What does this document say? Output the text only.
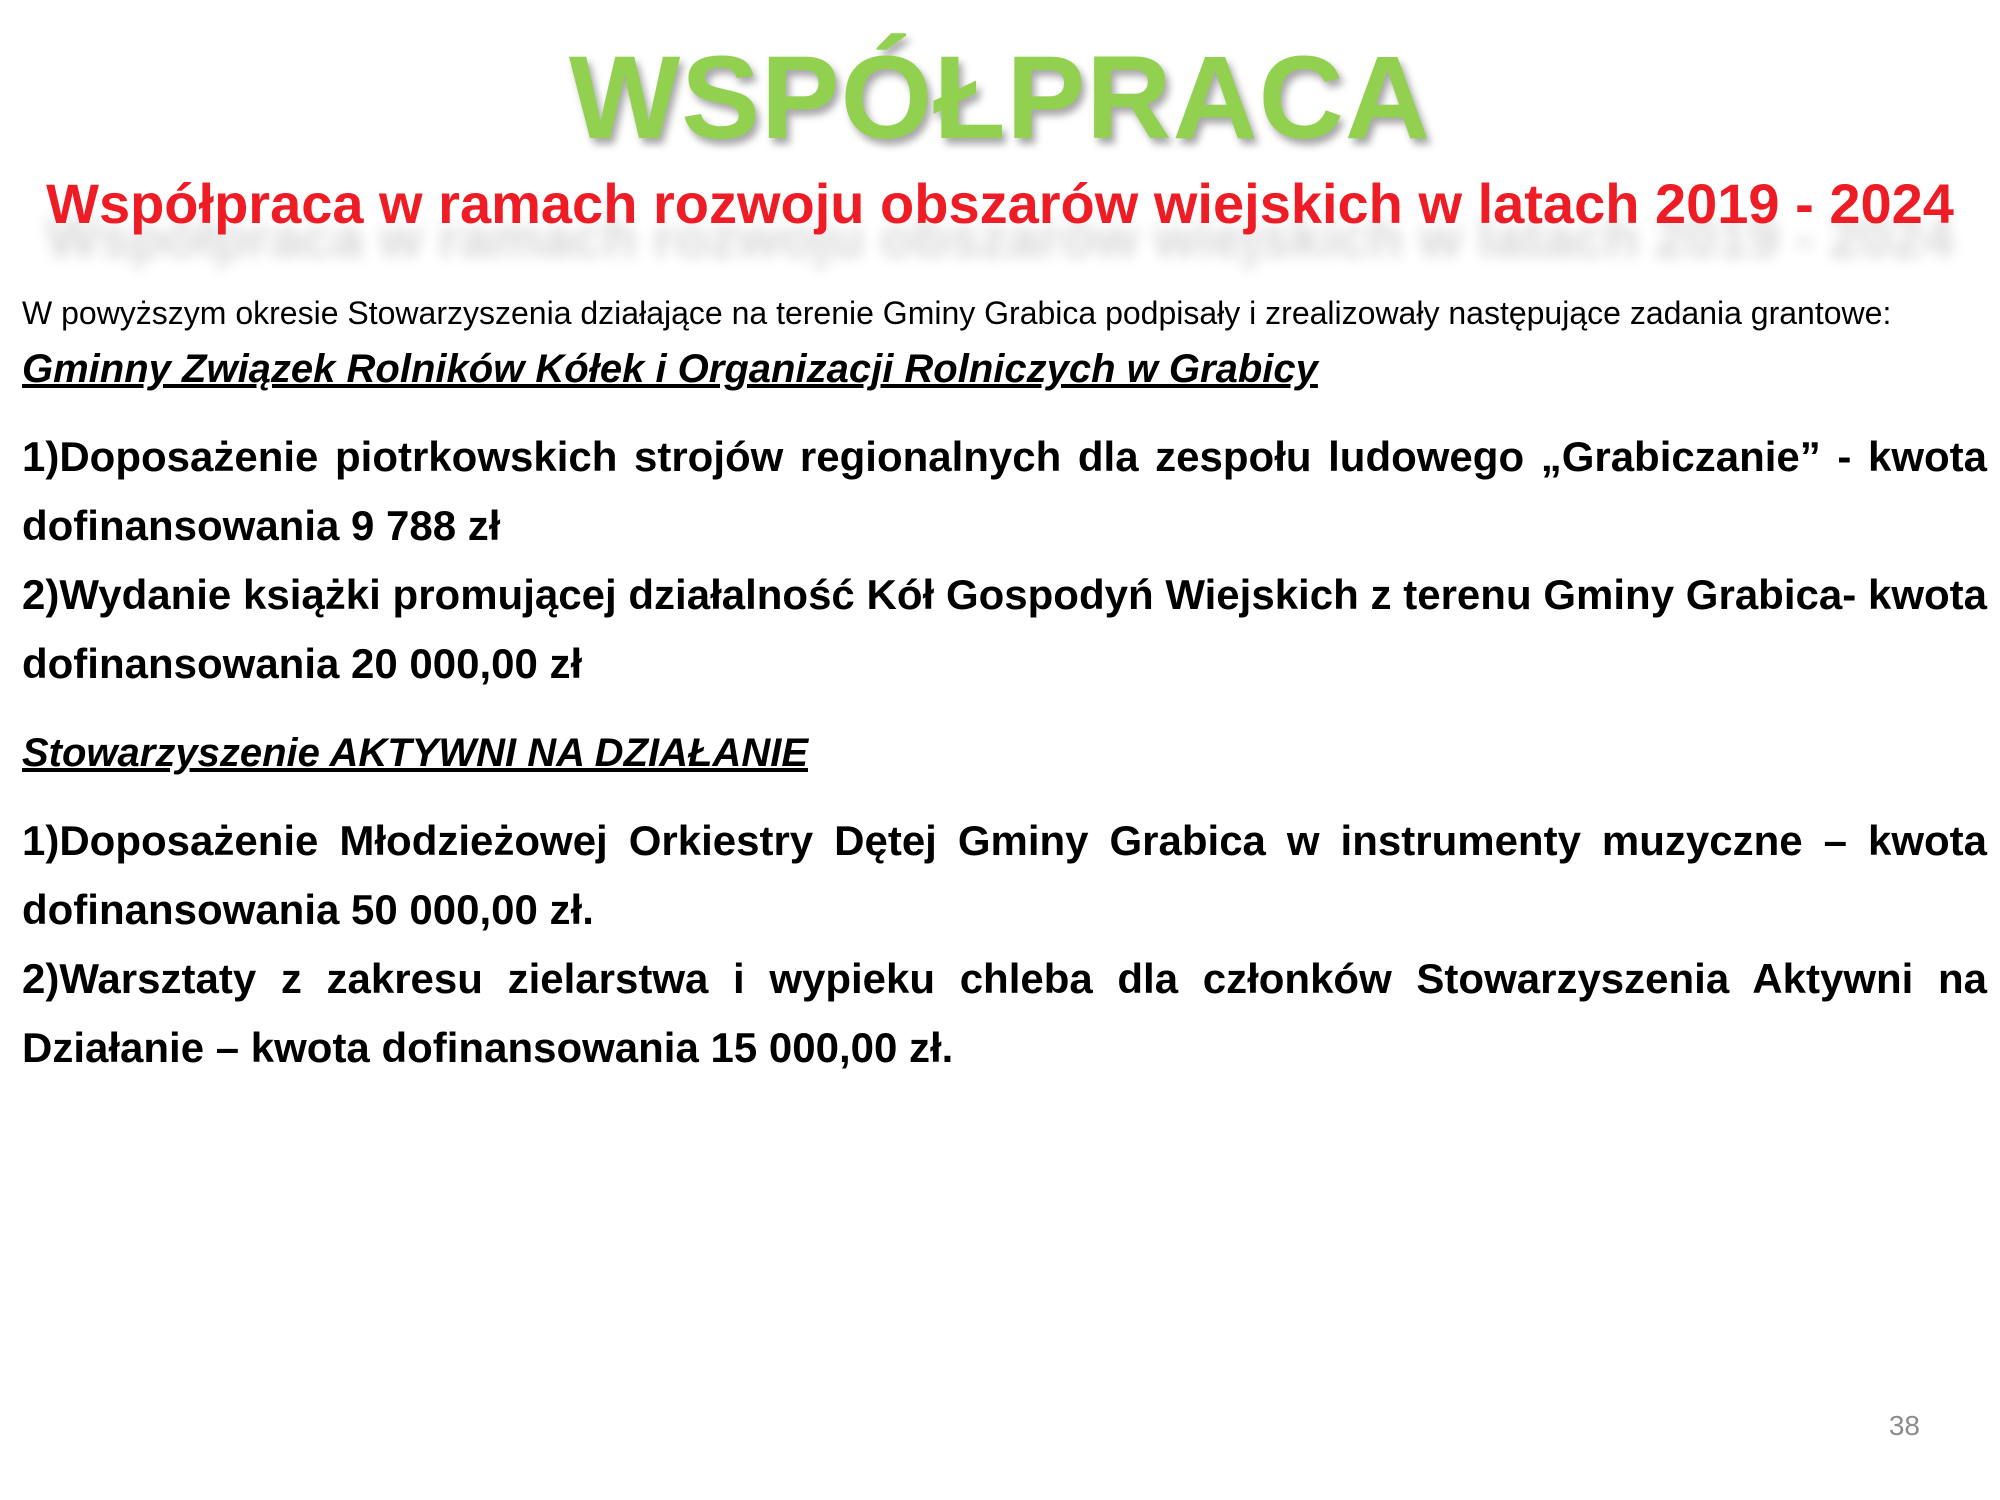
WSPÓŁPRACA
Współpraca w ramach rozwoju obszarów wiejskich w latach 2019 - 2024

W powyższym okresie Stowarzyszenia działające na terenie Gminy Grabica podpisały i zrealizowały następujące zadania grantowe:

Gminny Związek Rolników Kółek i Organizacji Rolniczych w Grabicy

1)Doposażenie piotrkowskich strojów regionalnych dla zespołu ludowego „Grabiczanie” - kwota dofinansowania 9 788 zł

2)Wydanie książki promującej działalność Kół Gospodyń Wiejskich z terenu Gminy Grabica- kwota dofinansowania 20 000,00 zł

Stowarzyszenie AKTYWNI NA DZIAŁANIE

1)Doposażenie Młodzieżowej Orkiestry Dętej Gminy Grabica w instrumenty muzyczne – kwota dofinansowania 50 000,00 zł.

2)Warsztaty z zakresu zielarstwa i wypieku chleba dla członków Stowarzyszenia Aktywni na Działanie – kwota dofinansowania 15 000,00 zł.

38
